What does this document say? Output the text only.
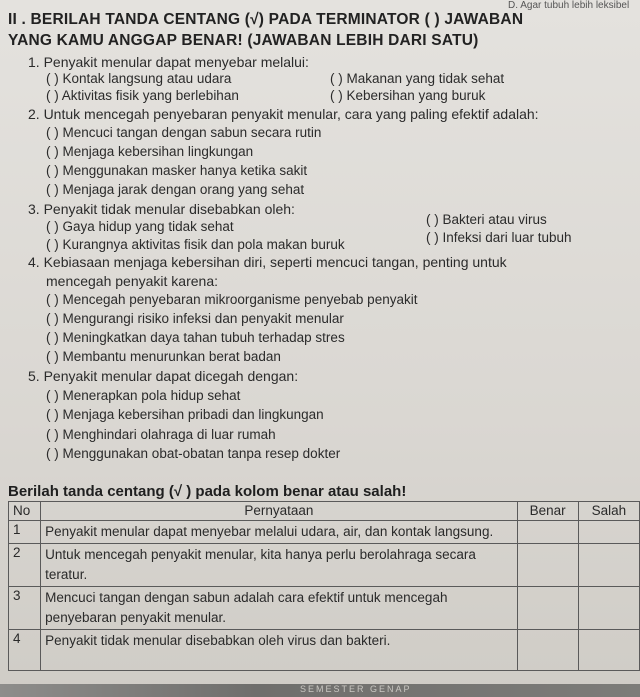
D. Agar tubuh lebih leksibel
II . BERILAH TANDA CENTANG (√) PADA TERMINATOR ( ) JAWABAN
YANG KAMU ANGGAP BENAR! (JAWABAN LEBIH DARI SATU)
1. Penyakit menular dapat menyebar melalui:
( ) Kontak langsung atau udara	( ) Makanan yang tidak sehat
( ) Aktivitas fisik yang berlebihan	( ) Kebersihan yang buruk
2. Untuk mencegah penyebaran penyakit menular, cara yang paling efektif adalah:
( ) Mencuci tangan dengan sabun secara rutin
( ) Menjaga kebersihan lingkungan
( ) Menggunakan masker hanya ketika sakit
( ) Menjaga jarak dengan orang yang sehat
3. Penyakit tidak menular disebabkan oleh:
( ) Gaya hidup yang tidak sehat	( ) Bakteri atau virus
( ) Kurangnya aktivitas fisik dan pola makan buruk	( ) Infeksi dari luar tubuh
4. Kebiasaan menjaga kebersihan diri, seperti mencuci tangan, penting untuk
mencegah penyakit karena:
( ) Mencegah penyebaran mikroorganisme penyebab penyakit
( ) Mengurangi risiko infeksi dan penyakit menular
( ) Meningkatkan daya tahan tubuh terhadap stres
( ) Membantu menurunkan berat badan
5. Penyakit menular dapat dicegah dengan:
( ) Menerapkan pola hidup sehat
( ) Menjaga kebersihan pribadi dan lingkungan
( ) Menghindari olahraga di luar rumah
( ) Menggunakan obat-obatan tanpa resep dokter
Berilah tanda centang (√ ) pada kolom benar atau salah!
No	Pernyataan	Benar	Salah
1	Penyakit menular dapat menyebar melalui udara, air, dan kontak langsung.		
2	Untuk mencegah penyakit menular, kita hanya perlu berolahraga secara teratur.		
3	Mencuci tangan dengan sabun adalah cara efektif untuk mencegah penyebaran penyakit menular.		
4	Penyakit tidak menular disebabkan oleh virus dan bakteri.		
SEMESTER GENAP
